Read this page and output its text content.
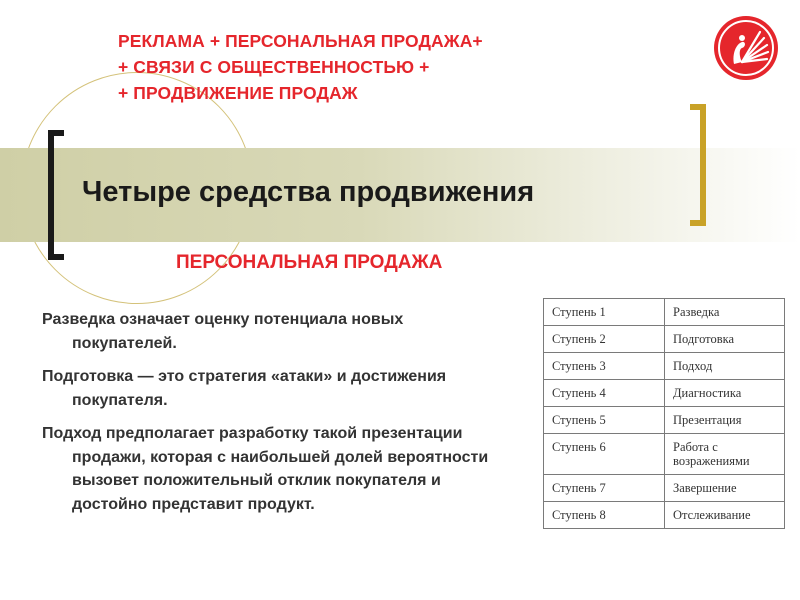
РЕКЛАМА + ПЕРСОНАЛЬНАЯ ПРОДАЖА+
+ СВЯЗИ С ОБЩЕСТВЕННОСТЬЮ +
+ ПРОДВИЖЕНИЕ ПРОДАЖ
Четыре средства продвижения
ПЕРСОНАЛЬНАЯ ПРОДАЖА

Разведка означает оценку потенциала новых покупателей.

Подготовка — это стратегия «атаки» и достижения покупателя.

Подход предполагает разработку такой презентации продажи, которая с наибольшей долей вероятности вызовет положительный отклик покупателя и достойно представит продукт.

Ступень 1	Разведка
Ступень 2	Подготовка
Ступень 3	Подход
Ступень 4	Диагностика
Ступень 5	Презентация
Ступень 6	Работа с возражениями
Ступень 7	Завершение
Ступень 8	Отслеживание
